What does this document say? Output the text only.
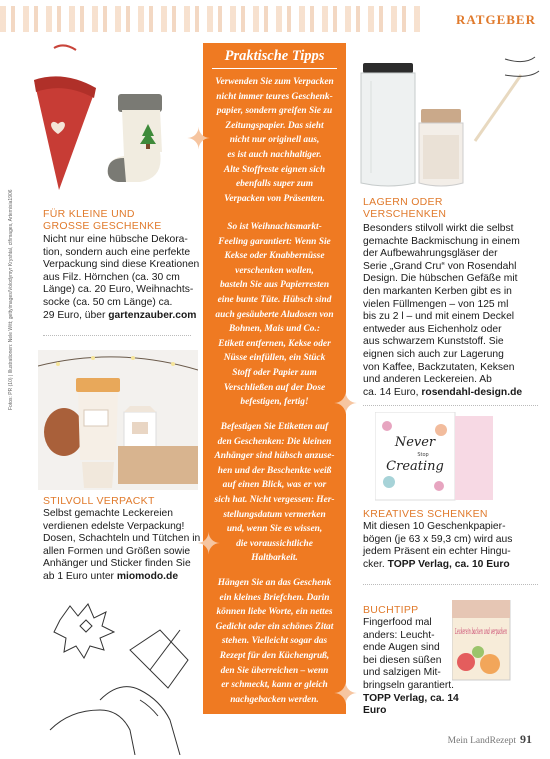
RATGEBER
FÜR KLEINE UND
GROSSE GESCHENKE
Nicht nur eine hübsche Dekora-
tion, sondern auch eine perfekte
Verpackung sind diese Kreationen
aus Filz. Hörnchen (ca. 30 cm
Länge) ca. 20 Euro, Weihnachts-
socke (ca. 50 cm Länge) ca.
29 Euro, über gartenzauber.com
STILVOLL VERPACKT
Selbst gemachte Leckereien
verdienen edelste Verpackung!
Dosen, Schachteln und Tütchen in
allen Formen und Größen sowie
Anhänger und Sticker finden Sie
ab 1 Euro unter miomodo.de
Fotos: PR (10) | Illustrationen: Nele Witt; gettyimages/Volodymyr Kryshtal, ctfimages, Artemisia1906
Praktische Tipps
Verwenden Sie zum Verpacken
nicht immer teures Geschenk-
papier, sondern greifen Sie zu
Zeitungspapier. Das sieht
nicht nur originell aus,
es ist auch nachhaltiger.
Alte Stoffreste eignen sich
ebenfalls super zum
Verpacken von Präsenten.
So ist Weihnachtsmarkt-
Feeling garantiert: Wenn Sie
Kekse oder Knabbernüsse
verschenken wollen,
basteln Sie aus Papierresten
eine bunte Tüte. Hübsch sind
auch gesäuberte Aludosen von
Bohnen, Mais und Co.:
Etikett entfernen, Kekse oder
Nüsse einfüllen, ein Stück
Stoff oder Papier zum
Verschließen auf der Dose
befestigen, fertig!
Befestigen Sie Etiketten auf
den Geschenken: Die kleinen
Anhänger sind hübsch anzuse-
hen und der Beschenkte weiß
auf einen Blick, was er vor
sich hat. Nicht vergessen: Her-
stellungsdatum vermerken
und, wenn Sie es wissen,
die voraussichtliche
Haltbarkeit.
Hängen Sie an das Geschenk
ein kleines Briefchen. Darin
können liebe Worte, ein nettes
Gedicht oder ein schönes Zitat
stehen. Vielleicht sogar das
Rezept für den Küchengruß,
den Sie überreichen – wenn
er schmeckt, kann er gleich
nachgebacken werden.
✦
✦
✦
✦
LAGERN ODER
VERSCHENKEN
Besonders stilvoll wirkt die selbst
gemachte Backmischung in einem
der Aufbewahrungsgläser der
Serie „Grand Cru“ von Rosendahl
Design. Die hübschen Gefäße mit
den markanten Kerben gibt es in
vielen Füllmengen – von 125 ml
bis zu 2 l – und mit einem Deckel
entweder aus Eichenholz oder
aus schwarzem Kunststoff. Sie
eignen sich auch zur Lagerung
von Kaffee, Backzutaten, Keksen
und anderen Leckereien. Ab
ca. 14 Euro, rosendahl-design.de
Never
Stop
Creating
KREATIVES SCHENKEN
Mit diesen 10 Geschenkpapier-
bögen (je 63 x 59,3 cm) wird aus
jedem Präsent ein echter Hingu-
cker. TOPP Verlag, ca. 10 Euro
BUCHTIPP
Fingerfood mal
anders: Leucht-
ende Augen sind
bei diesen süßen
und salzigen Mit-
bringseln garantiert.
TOPP Verlag, ca. 14 Euro
Leckerein backen und verpacken
Mein LandRezept 91
